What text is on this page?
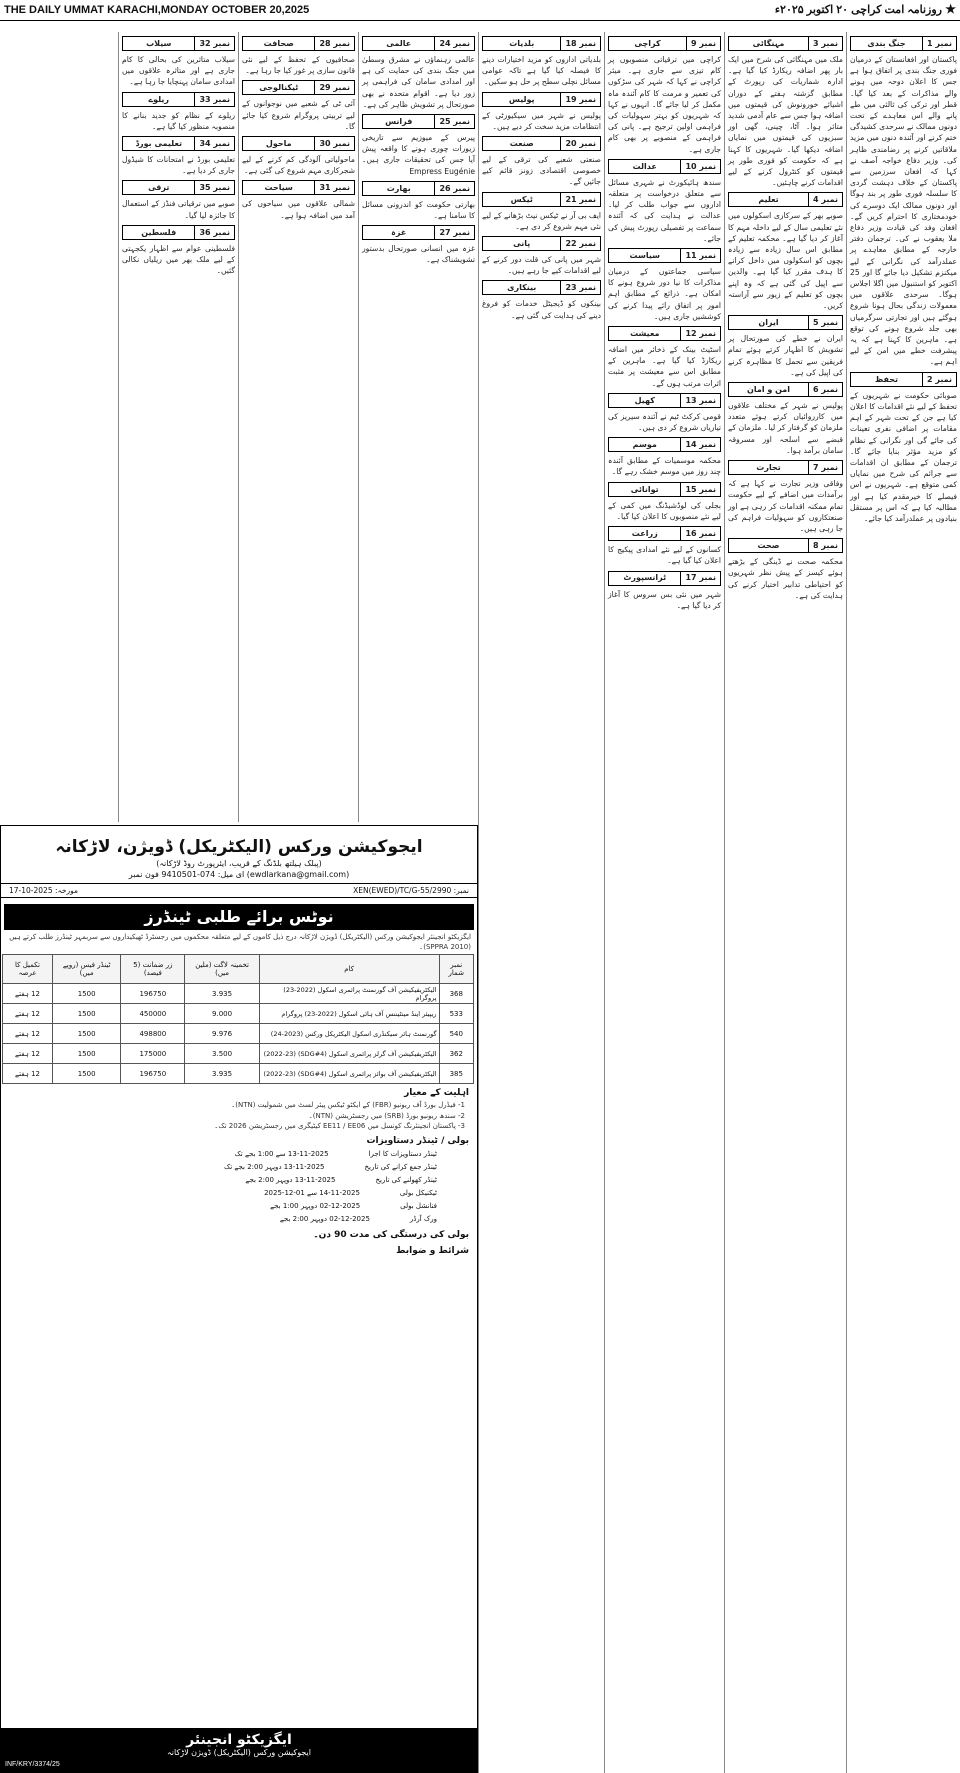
THE DAILY UMMAT KARACHI,MONDAY OCTOBER 20,2025	روزنامہ امت کراچی ۲۰ اکتوبر ۲۰۲۵ء ★
نمبر 1
جنگ بندی

پاکستان اور افغانستان کے درمیان فوری جنگ بندی پر اتفاق ہوا ہے جس کا اعلان دوحہ میں ہونے والے مذاکرات کے بعد کیا گیا۔ قطر اور ترکی کی ثالثی میں طے پانے والے اس معاہدے کے تحت دونوں ممالک نے سرحدی کشیدگی ختم کرنے اور آئندہ دنوں میں مزید ملاقاتیں کرنے پر رضامندی ظاہر کی۔ وزیر دفاع خواجہ آصف نے کہا کہ افغان سرزمین سے پاکستان کے خلاف دہشت گردی کا سلسلہ فوری طور پر بند ہوگا اور دونوں ممالک ایک دوسرے کی خودمختاری کا احترام کریں گے۔ افغان وفد کی قیادت وزیر دفاع ملا یعقوب نے کی۔ ترجمان دفتر خارجہ کے مطابق معاہدے پر عملدرآمد کی نگرانی کے لیے میکنزم تشکیل دیا جائے گا اور 25 اکتوبر کو استنبول میں اگلا اجلاس ہوگا۔ سرحدی علاقوں میں معمولات زندگی بحال ہونا شروع ہوگئے ہیں اور تجارتی سرگرمیاں بھی جلد شروع ہونے کی توقع ہے۔ ماہرین کا کہنا ہے کہ یہ پیشرفت خطے میں امن کے لیے اہم ہے۔

نمبر 2
تحفظ

صوبائی حکومت نے شہریوں کے تحفظ کے لیے نئے اقدامات کا اعلان کیا ہے جن کے تحت شہر کے اہم مقامات پر اضافی نفری تعینات کی جائے گی اور نگرانی کے نظام کو مزید مؤثر بنایا جائے گا۔ ترجمان کے مطابق ان اقدامات سے جرائم کی شرح میں نمایاں کمی متوقع ہے۔ شہریوں نے اس فیصلے کا خیرمقدم کیا ہے اور مطالبہ کیا ہے کہ اس پر مستقل بنیادوں پر عملدرآمد کیا جائے۔

نمبر 3
مہنگائی

ملک میں مہنگائی کی شرح میں ایک بار پھر اضافہ ریکارڈ کیا گیا ہے۔ ادارہ شماریات کی رپورٹ کے مطابق گزشتہ ہفتے کے دوران اشیائے خورونوش کی قیمتوں میں اضافہ ہوا جس سے عام آدمی شدید متاثر ہوا۔ آٹا، چینی، گھی اور سبزیوں کی قیمتوں میں نمایاں اضافہ دیکھا گیا۔ شہریوں کا کہنا ہے کہ حکومت کو فوری طور پر قیمتوں کو کنٹرول کرنے کے لیے اقدامات کرنے چاہئیں۔

نمبر 4
تعلیم

صوبے بھر کے سرکاری اسکولوں میں نئے تعلیمی سال کے لیے داخلہ مہم کا آغاز کر دیا گیا ہے۔ محکمہ تعلیم کے مطابق اس سال زیادہ سے زیادہ بچوں کو اسکولوں میں داخل کرانے کا ہدف مقرر کیا گیا ہے۔ والدین سے اپیل کی گئی ہے کہ وہ اپنے بچوں کو تعلیم کے زیور سے آراستہ کریں۔

نمبر 5
ایران

ایران نے خطے کی صورتحال پر تشویش کا اظہار کرتے ہوئے تمام فریقین سے تحمل کا مظاہرہ کرنے کی اپیل کی ہے۔

نمبر 6
امن و امان

پولیس نے شہر کے مختلف علاقوں میں کارروائیاں کرتے ہوئے متعدد ملزمان کو گرفتار کر لیا۔ ملزمان کے قبضے سے اسلحہ اور مسروقہ سامان برآمد ہوا۔

نمبر 7
تجارت

وفاقی وزیر تجارت نے کہا ہے کہ برآمدات میں اضافے کے لیے حکومت تمام ممکنہ اقدامات کر رہی ہے اور صنعتکاروں کو سہولیات فراہم کی جا رہی ہیں۔

نمبر 8
صحت

محکمہ صحت نے ڈینگی کے بڑھتے ہوئے کیسز کے پیش نظر شہریوں کو احتیاطی تدابیر اختیار کرنے کی ہدایت کی ہے۔

نمبر 9
کراچی

کراچی میں ترقیاتی منصوبوں پر کام تیزی سے جاری ہے۔ میئر کراچی نے کہا کہ شہر کی سڑکوں کی تعمیر و مرمت کا کام آئندہ ماہ مکمل کر لیا جائے گا۔ انہوں نے کہا کہ شہریوں کو بہتر سہولیات کی فراہمی اولین ترجیح ہے۔ پانی کی فراہمی کے منصوبے پر بھی کام جاری ہے۔

نمبر 10
عدالت

سندھ ہائیکورٹ نے شہری مسائل سے متعلق درخواست پر متعلقہ اداروں سے جواب طلب کر لیا۔ عدالت نے ہدایت کی کہ آئندہ سماعت پر تفصیلی رپورٹ پیش کی جائے۔

نمبر 11
سیاست

سیاسی جماعتوں کے درمیان مذاکرات کا نیا دور شروع ہونے کا امکان ہے۔ ذرائع کے مطابق اہم امور پر اتفاق رائے پیدا کرنے کی کوششیں جاری ہیں۔

نمبر 12
معیشت

اسٹیٹ بینک کے ذخائر میں اضافہ ریکارڈ کیا گیا ہے۔ ماہرین کے مطابق اس سے معیشت پر مثبت اثرات مرتب ہوں گے۔

نمبر 13
کھیل

قومی کرکٹ ٹیم نے آئندہ سیریز کی تیاریاں شروع کر دی ہیں۔

نمبر 14
موسم

محکمہ موسمیات کے مطابق آئندہ چند روز میں موسم خشک رہے گا۔

نمبر 15
توانائی

بجلی کی لوڈشیڈنگ میں کمی کے لیے نئے منصوبوں کا اعلان کیا گیا۔

نمبر 16
زراعت

کسانوں کے لیے نئے امدادی پیکیج کا اعلان کیا گیا ہے۔

نمبر 17
ٹرانسپورٹ

شہر میں نئی بس سروس کا آغاز کر دیا گیا ہے۔

نمبر 18
بلدیات

بلدیاتی اداروں کو مزید اختیارات دینے کا فیصلہ کیا گیا ہے تاکہ عوامی مسائل نچلی سطح پر حل ہو سکیں۔

نمبر 19
پولیس

پولیس نے شہر میں سیکیورٹی کے انتظامات مزید سخت کر دیے ہیں۔

نمبر 20
صنعت

صنعتی شعبے کی ترقی کے لیے خصوصی اقتصادی زونز قائم کیے جائیں گے۔

نمبر 21
ٹیکس

ایف بی آر نے ٹیکس نیٹ بڑھانے کے لیے نئی مہم شروع کر دی ہے۔

نمبر 22
پانی

شہر میں پانی کی قلت دور کرنے کے لیے اقدامات کیے جا رہے ہیں۔

نمبر 23
بینکاری

بینکوں کو ڈیجیٹل خدمات کو فروغ دینے کی ہدایت کی گئی ہے۔

نمبر 24
عالمی

عالمی رہنماؤں نے مشرق وسطیٰ میں جنگ بندی کی حمایت کی ہے اور امدادی سامان کی فراہمی پر زور دیا ہے۔ اقوام متحدہ نے بھی صورتحال پر تشویش ظاہر کی ہے۔

نمبر 25
فرانس

پیرس کے میوزیم سے تاریخی زیورات چوری ہونے کا واقعہ پیش آیا جس کی تحقیقات جاری ہیں۔ Empress Eugénie

نمبر 26
بھارت

بھارتی حکومت کو اندرونی مسائل کا سامنا ہے۔

نمبر 27
غزہ

غزہ میں انسانی صورتحال بدستور تشویشناک ہے۔

نمبر 28
صحافت

صحافیوں کے تحفظ کے لیے نئی قانون سازی پر غور کیا جا رہا ہے۔

نمبر 29
ٹیکنالوجی

آئی ٹی کے شعبے میں نوجوانوں کے لیے تربیتی پروگرام شروع کیا جائے گا۔

نمبر 30
ماحول

ماحولیاتی آلودگی کم کرنے کے لیے شجرکاری مہم شروع کی گئی ہے۔

نمبر 31
سیاحت

شمالی علاقوں میں سیاحوں کی آمد میں اضافہ ہوا ہے۔

نمبر 32
سیلاب

سیلاب متاثرین کی بحالی کا کام جاری ہے اور متاثرہ علاقوں میں امدادی سامان پہنچایا جا رہا ہے۔

نمبر 33
ریلوے

ریلوے کے نظام کو جدید بنانے کا منصوبہ منظور کیا گیا ہے۔

نمبر 34
تعلیمی بورڈ

تعلیمی بورڈ نے امتحانات کا شیڈول جاری کر دیا ہے۔

نمبر 35
ترقی

صوبے میں ترقیاتی فنڈز کے استعمال کا جائزہ لیا گیا۔

نمبر 36
فلسطین

فلسطینی عوام سے اظہار یکجہتی کے لیے ملک بھر میں ریلیاں نکالی گئیں۔

ایجوکیشن ورکس (الیکٹریکل) ڈویژن، لاڑکانہ
(پبلک ہیلتھ بلڈنگ کے قریب، ایئرپورٹ روڈ لاڑکانہ)
(ewdlarkana@gmail.com) ای میل: 074-9410501 فون نمبر
17-10-2025 :مورخہ	XEN(EWED)/TC/G-55/2990 :نمبر
نوٹس برائے طلبی ٹینڈرز
ایگزیکٹو انجینئر ایجوکیشن ورکس (الیکٹریکل) ڈویژن لاڑکانہ درج ذیل کاموں کے لیے متعلقہ محکموں میں رجسٹرڈ ٹھیکیداروں سے سربمہر ٹینڈرز طلب کرتے ہیں (SPPRA 2010)۔
نمبر شمار	کام	تخمینہ لاگت (ملین میں)	زر ضمانت (5 فیصد)	ٹینڈر فیس (روپے میں)	تکمیل کا عرصہ
368	الیکٹریفیکیشن آف گورنمنٹ پرائمری اسکول (2022-23) پروگرام	3.935	196750	1500	12 ہفتے
533	ریپیئر اینڈ مینٹیننس آف ہائی اسکول (2022-23) پروگرام	9.000	450000	1500	12 ہفتے
540	گورنمنٹ ہائر سیکنڈری اسکول الیکٹریکل ورکس (2023-24)	9.976	498800	1500	12 ہفتے
362	الیکٹریفیکیشن آف گرلز پرائمری اسکول (SDG#4) (2022-23)	3.500	175000	1500	12 ہفتے
385	الیکٹریفیکیشن آف بوائز پرائمری اسکول (SDG#4) (2022-23)	3.935	196750	1500	12 ہفتے
اہلیت کے معیار
1- فیڈرل بورڈ آف ریونیو (FBR) کے ایکٹو ٹیکس پیئر لسٹ میں شمولیت (NTN)۔
2- سندھ ریونیو بورڈ (SRB) میں رجسٹریشن (NTN)۔
3- پاکستان انجینئرنگ کونسل میں EE11 / EE06 کیٹیگری میں رجسٹریشن 2026 تک۔
بولی / ٹینڈر دستاویزات
ٹینڈر دستاویزات کا اجرا
13-11-2025 سے 1:00 بجے تک
ٹینڈر جمع کرانے کی تاریخ
13-11-2025 دوپہر 2:00 بجے تک
ٹینڈر کھولنے کی تاریخ
13-11-2025 دوپہر 2:00 بجے
ٹیکنیکل بولی
14-11-2025 سے 01-12-2025
فنانشل بولی
02-12-2025 دوپہر 1:00 بجے
ورک آرڈر
02-12-2025 دوپہر 2:00 بجے
بولی کی درستگی کی مدت 90 دن۔
شرائط و ضوابط
ایگزیکٹو انجینئر
ایجوکیشن ورکس (الیکٹریکل) ڈویژن لاڑکانہ
INF/KRY/3374/25
